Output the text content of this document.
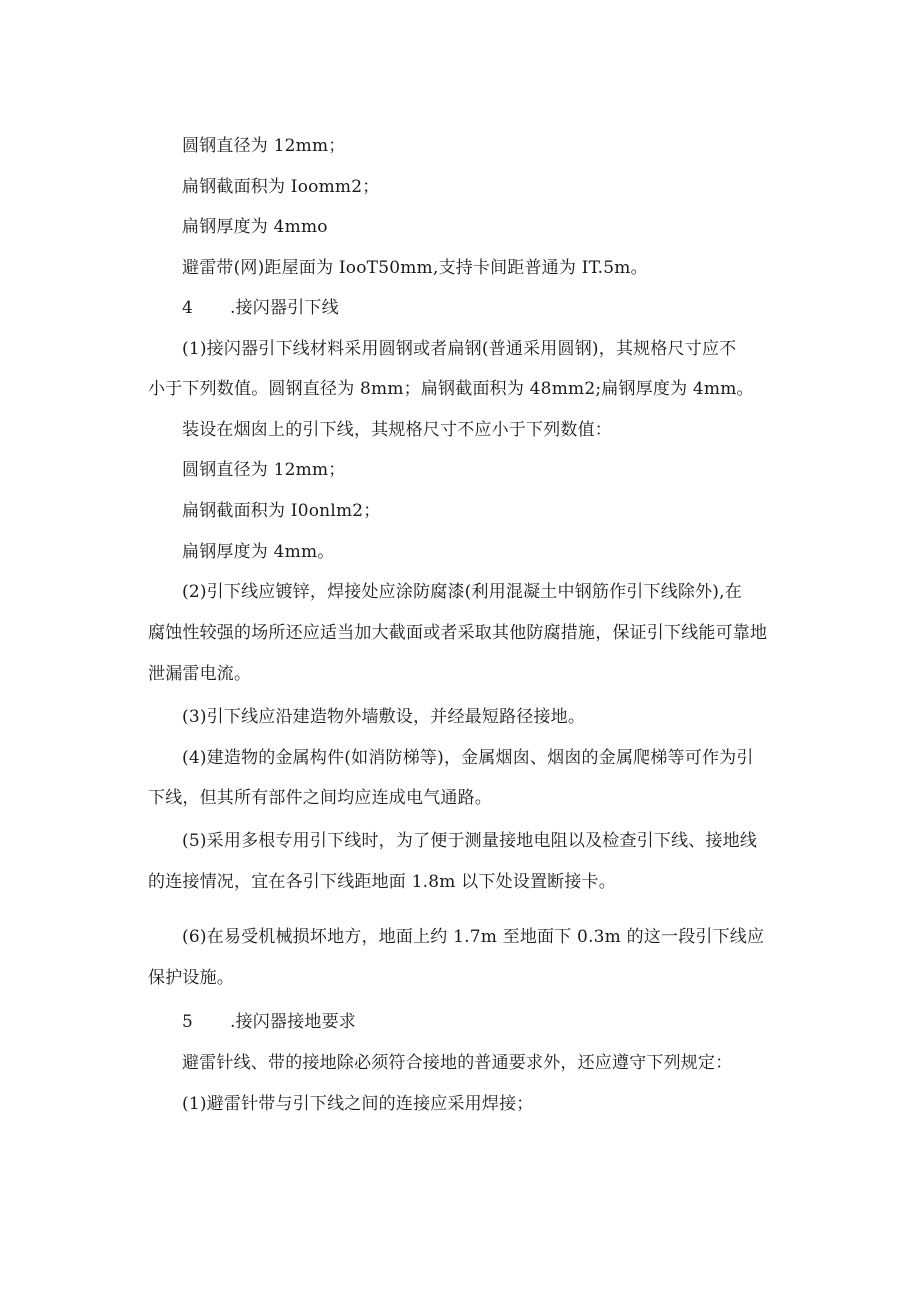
圆钢直径为 12mm；
扁钢截面积为 Ioomm2；
扁钢厚度为 4mmo
避雷带(网)距屋面为 IooT50mm,支持卡间距普通为 IT.5m。
4 .接闪器引下线
(1)接闪器引下线材料采用圆钢或者扁钢(普通采用圆钢)，其规格尺寸应不
小于下列数值。圆钢直径为 8mm；扁钢截面积为 48mm2;扁钢厚度为 4mm。
装设在烟囱上的引下线，其规格尺寸不应小于下列数值：
圆钢直径为 12mm；
扁钢截面积为 I0onlm2；
扁钢厚度为 4mm。
(2)引下线应镀锌，焊接处应涂防腐漆(利用混凝土中钢筋作引下线除外),在
腐蚀性较强的场所还应适当加大截面或者采取其他防腐措施，保证引下线能可靠地
泄漏雷电流。
(3)引下线应沿建造物外墙敷设，并经最短路径接地。
(4)建造物的金属构件(如消防梯等)，金属烟囱、烟囱的金属爬梯等可作为引
下线，但其所有部件之间均应连成电气通路。
(5)采用多根专用引下线时，为了便于测量接地电阻以及检查引下线、接地线
的连接情况，宜在各引下线距地面 1.8m 以下处设置断接卡。
(6)在易受机械损坏地方，地面上约 1.7m 至地面下 0.3m 的这一段引下线应
保护设施。
5 .接闪器接地要求
避雷针线、带的接地除必须符合接地的普通要求外，还应遵守下列规定：
(1)避雷针带与引下线之间的连接应采用焊接；
